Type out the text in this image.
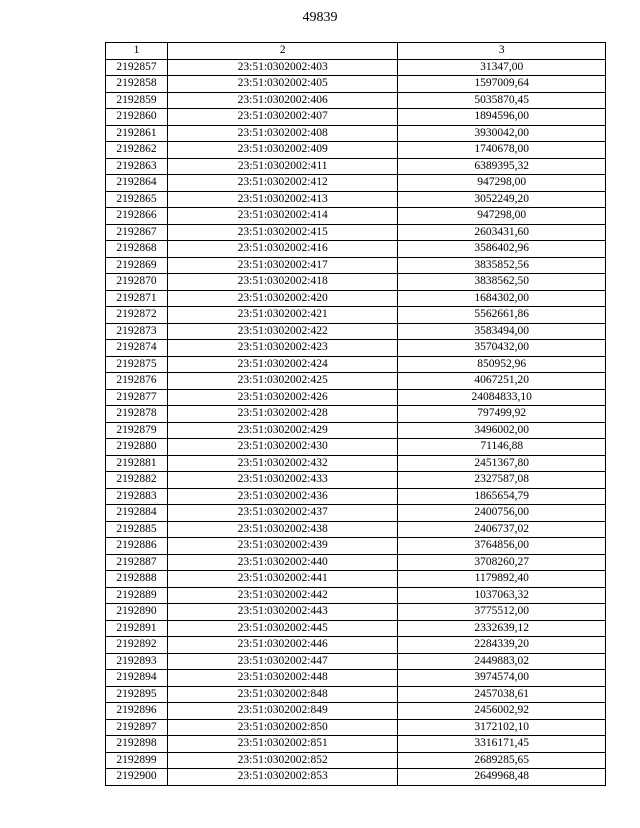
49839
1	2	3
2192857	23:51:0302002:403	31347,00
2192858	23:51:0302002:405	1597009,64
2192859	23:51:0302002:406	5035870,45
2192860	23:51:0302002:407	1894596,00
2192861	23:51:0302002:408	3930042,00
2192862	23:51:0302002:409	1740678,00
2192863	23:51:0302002:411	6389395,32
2192864	23:51:0302002:412	947298,00
2192865	23:51:0302002:413	3052249,20
2192866	23:51:0302002:414	947298,00
2192867	23:51:0302002:415	2603431,60
2192868	23:51:0302002:416	3586402,96
2192869	23:51:0302002:417	3835852,56
2192870	23:51:0302002:418	3838562,50
2192871	23:51:0302002:420	1684302,00
2192872	23:51:0302002:421	5562661,86
2192873	23:51:0302002:422	3583494,00
2192874	23:51:0302002:423	3570432,00
2192875	23:51:0302002:424	850952,96
2192876	23:51:0302002:425	4067251,20
2192877	23:51:0302002:426	24084833,10
2192878	23:51:0302002:428	797499,92
2192879	23:51:0302002:429	3496002,00
2192880	23:51:0302002:430	71146,88
2192881	23:51:0302002:432	2451367,80
2192882	23:51:0302002:433	2327587,08
2192883	23:51:0302002:436	1865654,79
2192884	23:51:0302002:437	2400756,00
2192885	23:51:0302002:438	2406737,02
2192886	23:51:0302002:439	3764856,00
2192887	23:51:0302002:440	3708260,27
2192888	23:51:0302002:441	1179892,40
2192889	23:51:0302002:442	1037063,32
2192890	23:51:0302002:443	3775512,00
2192891	23:51:0302002:445	2332639,12
2192892	23:51:0302002:446	2284339,20
2192893	23:51:0302002:447	2449883,02
2192894	23:51:0302002:448	3974574,00
2192895	23:51:0302002:848	2457038,61
2192896	23:51:0302002:849	2456002,92
2192897	23:51:0302002:850	3172102,10
2192898	23:51:0302002:851	3316171,45
2192899	23:51:0302002:852	2689285,65
2192900	23:51:0302002:853	2649968,48
